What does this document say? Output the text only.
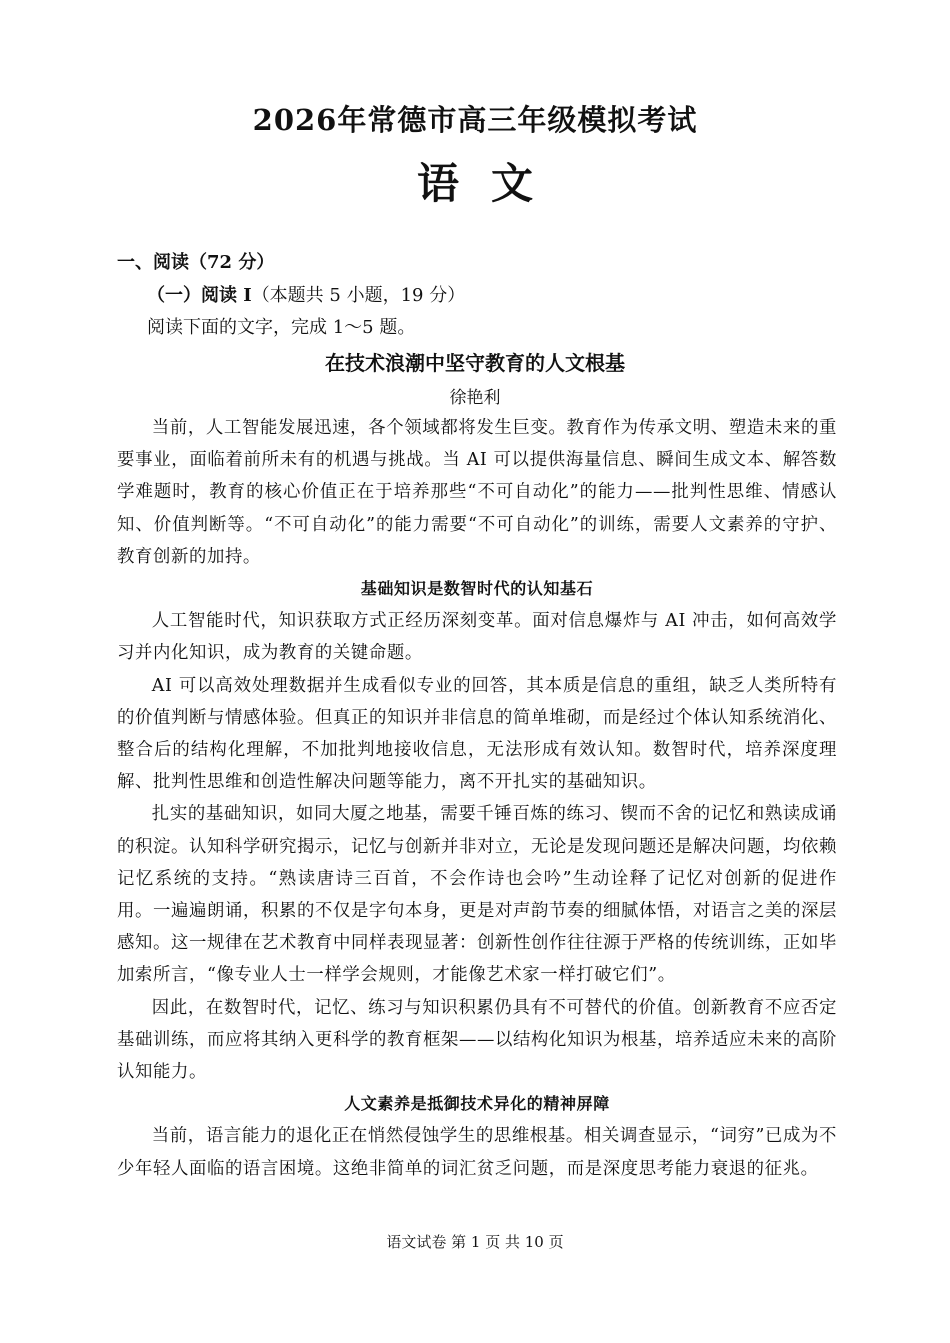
2026年常德市高三年级模拟考试
语文
一、阅读（72 分）
（一）阅读 I（本题共 5 小题，19 分）
阅读下面的文字，完成 1～5 题。
在技术浪潮中坚守教育的人文根基
徐艳利

当前，人工智能发展迅速，各个领域都将发生巨变。教育作为传承文明、塑造未来的重要事业，面临着前所未有的机遇与挑战。当 AI 可以提供海量信息、瞬间生成文本、解答数学难题时，教育的核心价值正在于培养那些“不可自动化”的能力——批判性思维、情感认知、价值判断等。“不可自动化”的能力需要“不可自动化”的训练，需要人文素养的守护、教育创新的加持。

基础知识是数智时代的认知基石

人工智能时代，知识获取方式正经历深刻变革。面对信息爆炸与 AI 冲击，如何高效学习并内化知识，成为教育的关键命题。

AI 可以高效处理数据并生成看似专业的回答，其本质是信息的重组，缺乏人类所特有的价值判断与情感体验。但真正的知识并非信息的简单堆砌，而是经过个体认知系统消化、整合后的结构化理解，不加批判地接收信息，无法形成有效认知。数智时代，培养深度理解、批判性思维和创造性解决问题等能力，离不开扎实的基础知识。

扎实的基础知识，如同大厦之地基，需要千锤百炼的练习、锲而不舍的记忆和熟读成诵的积淀。认知科学研究揭示，记忆与创新并非对立，无论是发现问题还是解决问题，均依赖记忆系统的支持。“熟读唐诗三百首，不会作诗也会吟”生动诠释了记忆对创新的促进作用。一遍遍朗诵，积累的不仅是字句本身，更是对声韵节奏的细腻体悟，对语言之美的深层感知。这一规律在艺术教育中同样表现显著：创新性创作往往源于严格的传统训练，正如毕加索所言，“像专业人士一样学会规则，才能像艺术家一样打破它们”。

因此，在数智时代，记忆、练习与知识积累仍具有不可替代的价值。创新教育不应否定基础训练，而应将其纳入更科学的教育框架——以结构化知识为根基，培养适应未来的高阶认知能力。

人文素养是抵御技术异化的精神屏障

当前，语言能力的退化正在悄然侵蚀学生的思维根基。相关调查显示，“词穷”已成为不少年轻人面临的语言困境。这绝非简单的词汇贫乏问题，而是深度思考能力衰退的征兆。

语文试卷 第 1 页 共 10 页
